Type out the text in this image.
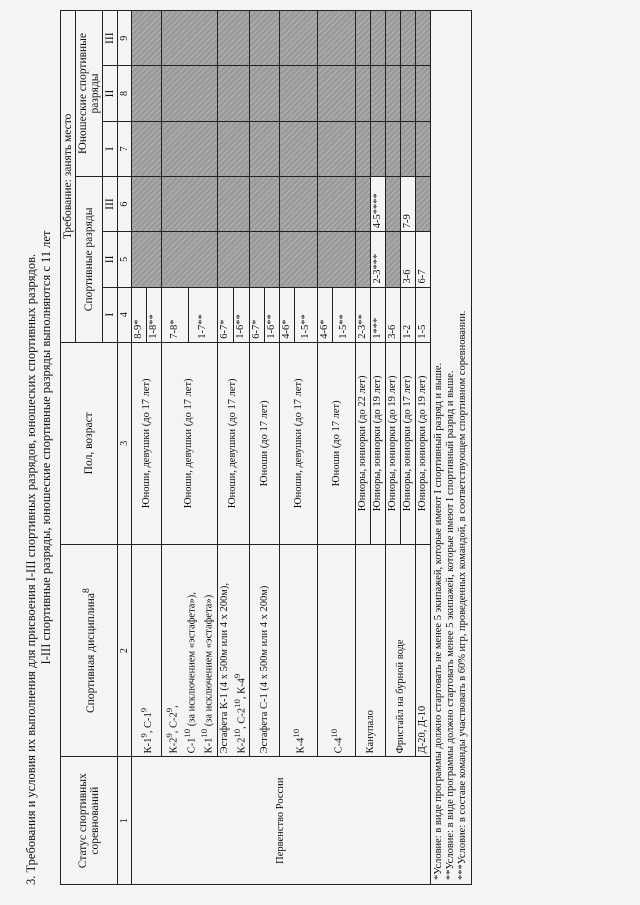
3. Требования и условия их выполнения для присвоения I-III спортивных разрядов, юношеских спортивных разрядов. I-III спортивные разряды, юношеские спортивные разряды выполняются с 11 лет
Статус спортивных соревнований	Спортивная дисциплина$^8$	Пол, возраст	Требование: занять место					
			Спортивные разряды			Юношеские спортивные разряды		
			I	II	III	I	II	III
1	2	3	4	5	6	7	8	9
Первенство России	$К-1^9$, $С-1^9$	Юноши, девушки (до 17 лет)	8-9*					
			1-8**					

	$К-2^9$, $С-2^9$,
$С-1^{10}$ (за исключением «эстафета»),
$К-1^{10}$ (за исключением «эстафета»)	Юноши, девушки (до 17 лет)	7-8*					
			1-7**					

	Эстафета К-1 (4 x 500м или 4 x 200м), $К-2^{10}$, $С-2^{10}$, $К-4^9$	Юноши, девушки (до 17 лет)	6-7*					
			1-6**					
	Эстафета С-1 (4 x 500м или 4 x 200м)	Юноши (до 17 лет)	6-7*					
			1-6**					
	$К-4^{10}$	Юноши, девушки (до 17 лет)	4-6*					
			1-5**					
	$С-4^{10}$	Юноши (до 17 лет)	4-6*					
			1-5**					
	Канупало	Юниоры, юниорки (до 22 лет)	2-3**					
		Юниоры, юниорки (до 19 лет)	1***	2-3***	4-5****			
	Фристайл на бурной воде	Юниоры, юниорки (до 19 лет)	3-6					
		Юниоры, юниорки (до 17 лет)	1-2	3-6	7-9			
	Д-20, Д-10	Юниоры, юниорки (до 19 лет)	1-5	6-7				

*Условие: в виде программы должно стартовать не менее 5 экипажей, которые имеют I спортивный разряд и выше. **Условие: в виде программы должно стартовать менее 5 экипажей, которые имеют I спортивный разряд и выше. ***Условие: в составе команды участвовать в 60% игр, проведенных командой, в соответствующем спортивном соревновании.								
